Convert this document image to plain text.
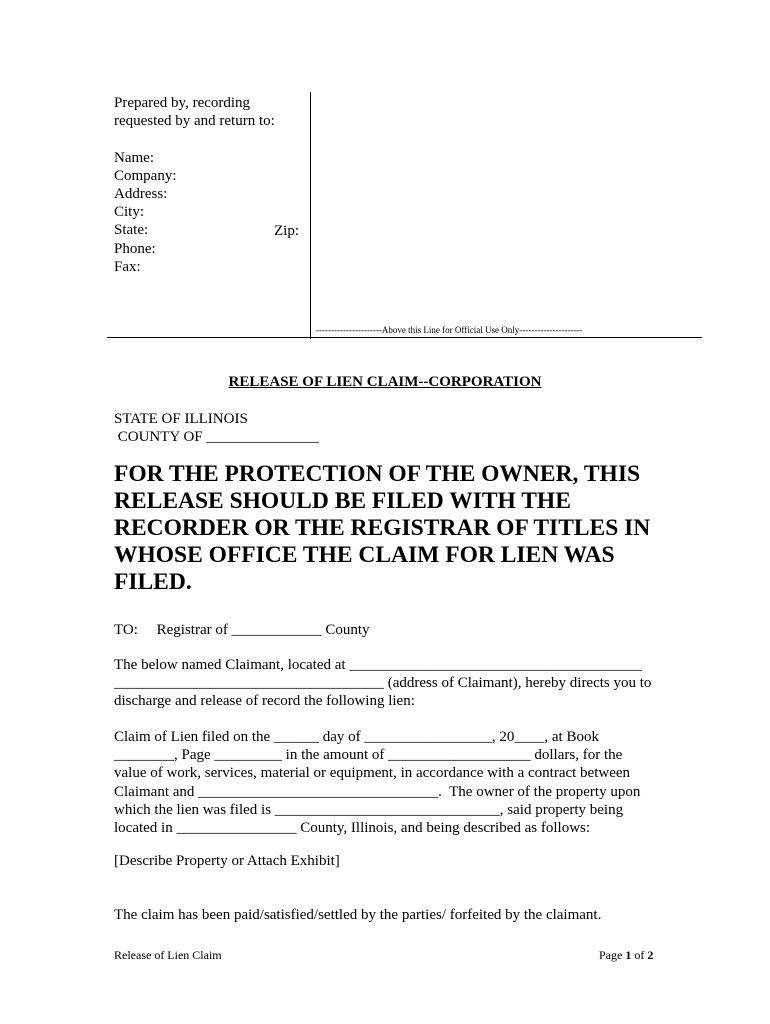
Prepared by, recording
requested by and return to:
Name:
Company:
Address:
City:
State:
Phone:
Fax:
Zip:
----------------------Above this Line for Official Use Only---------------------
RELEASE OF LIEN CLAIM--CORPORATION
STATE OF ILLINOIS
COUNTY OF _______________
FOR THE PROTECTION OF THE OWNER, THIS RELEASE SHOULD BE FILED WITH THE RECORDER OR THE REGISTRAR OF TITLES IN WHOSE OFFICE THE CLAIM FOR LIEN WAS FILED.
TO:     Registrar of ____________ County
The below named Claimant, located at _______________________________________
____________________________________ (address of Claimant), hereby directs you to
discharge and release of record the following lien:
Claim of Lien filed on the ______ day of _________________, 20____, at Book
________, Page _________ in the amount of ___________________ dollars, for the
value of work, services, material or equipment, in accordance with a contract between
Claimant and ________________________________.  The owner of the property upon
which the lien was filed is ______________________________, said property being
located in ________________ County, Illinois, and being described as follows:
[Describe Property or Attach Exhibit]
The claim has been paid/satisfied/settled by the parties/ forfeited by the claimant.
Release of Lien Claim	Page 1 of 2
